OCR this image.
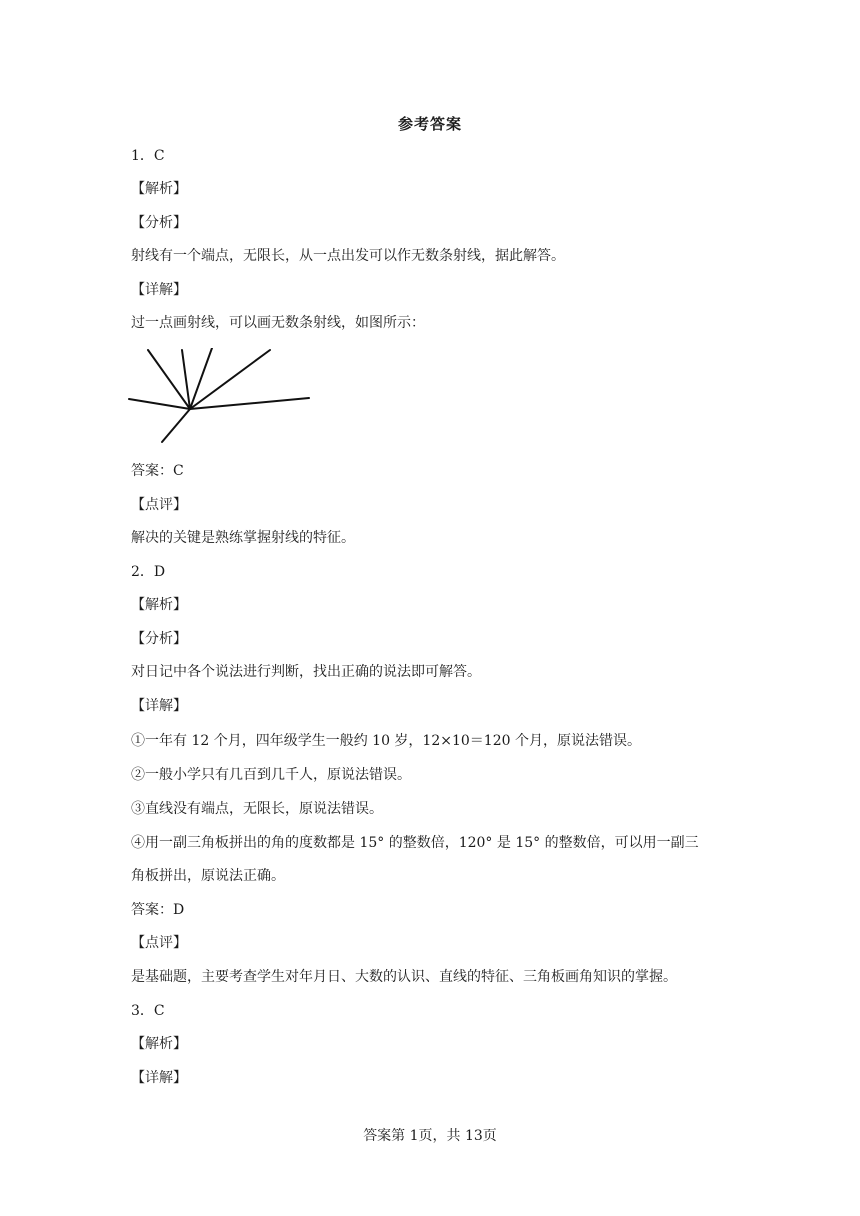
参考答案
1．C
【解析】
【分析】
射线有一个端点，无限长，从一点出发可以作无数条射线，据此解答。
【详解】
过一点画射线，可以画无数条射线，如图所示：
答案：C
【点评】
解决的关键是熟练掌握射线的特征。
2．D
【解析】
【分析】
对日记中各个说法进行判断，找出正确的说法即可解答。
【详解】
①一年有 12 个月，四年级学生一般约 10 岁，12×10＝120 个月，原说法错误。
②一般小学只有几百到几千人，原说法错误。
③直线没有端点，无限长，原说法错误。
④用一副三角板拼出的角的度数都是 15° 的整数倍，120° 是 15° 的整数倍，可以用一副三
角板拼出，原说法正确。
答案：D
【点评】
是基础题，主要考查学生对年月日、大数的认识、直线的特征、三角板画角知识的掌握。
3．C
【解析】
【详解】
答案第 1页，共 13页
